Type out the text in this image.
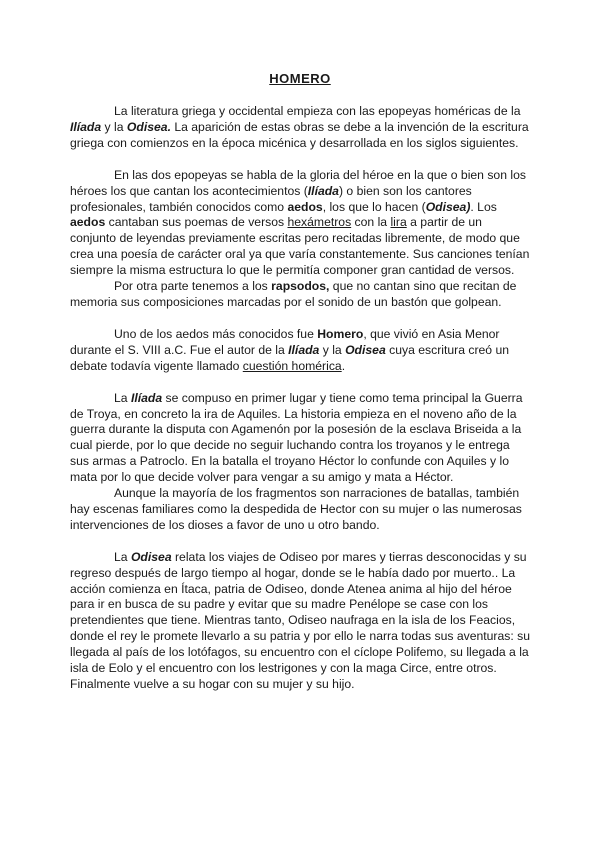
HOMERO

La literatura griega y occidental empieza con las epopeyas homéricas de la Ilíada y la Odisea. La aparición de estas obras se debe a la invención de la escritura griega con comienzos en la época micénica y desarrollada en los siglos siguientes.

En las dos epopeyas se habla de la gloria del héroe en la que o bien son los héroes los que cantan los acontecimientos (Ilíada) o bien son los cantores profesionales, también conocidos como aedos, los que lo hacen (Odisea). Los aedos cantaban sus poemas de versos hexámetros con la lira a partir de un conjunto de leyendas previamente escritas pero recitadas libremente, de modo que crea una poesía de carácter oral ya que varía constantemente. Sus canciones tenían siempre la misma estructura lo que le permitía componer gran cantidad de versos.

Por otra parte tenemos a los rapsodos, que no cantan sino que recitan de memoria sus composiciones marcadas por el sonido de un bastón que golpean.

Uno de los aedos más conocidos fue Homero, que vivió en Asia Menor durante el S. VIII a.C. Fue el autor de la Ilíada y la Odisea cuya escritura creó un debate todavía vigente llamado cuestión homérica.

La Ilíada se compuso en primer lugar y tiene como tema principal la Guerra de Troya, en concreto la ira de Aquiles. La historia empieza en el noveno año de la guerra durante la disputa con Agamenón por la posesión de la esclava Briseida a la cual pierde, por lo que decide no seguir luchando contra los troyanos y le entrega sus armas a Patroclo. En la batalla el troyano Héctor lo confunde con Aquiles y lo mata por lo que decide volver para vengar a su amigo y mata a Héctor.

Aunque la mayoría de los fragmentos son narraciones de batallas, también hay escenas familiares como la despedida de Hector con su mujer o las numerosas intervenciones de los dioses a favor de uno u otro bando.

La Odisea relata los viajes de Odiseo por mares y tierras desconocidas y su regreso después de largo tiempo al hogar, donde se le había dado por muerto.. La acción comienza en Ítaca, patria de Odiseo, donde Atenea anima al hijo del héroe para ir en busca de su padre y evitar que su madre Penélope se case con los pretendientes que tiene. Mientras tanto, Odiseo naufraga en la isla de los Feacios, donde el rey le promete llevarlo a su patria y por ello le narra todas sus aventuras: su llegada al país de los lotófagos, su encuentro con el cíclope Polifemo, su llegada a la isla de Eolo y el encuentro con los lestrigones y con la maga Circe, entre otros. Finalmente vuelve a su hogar con su mujer y su hijo.
